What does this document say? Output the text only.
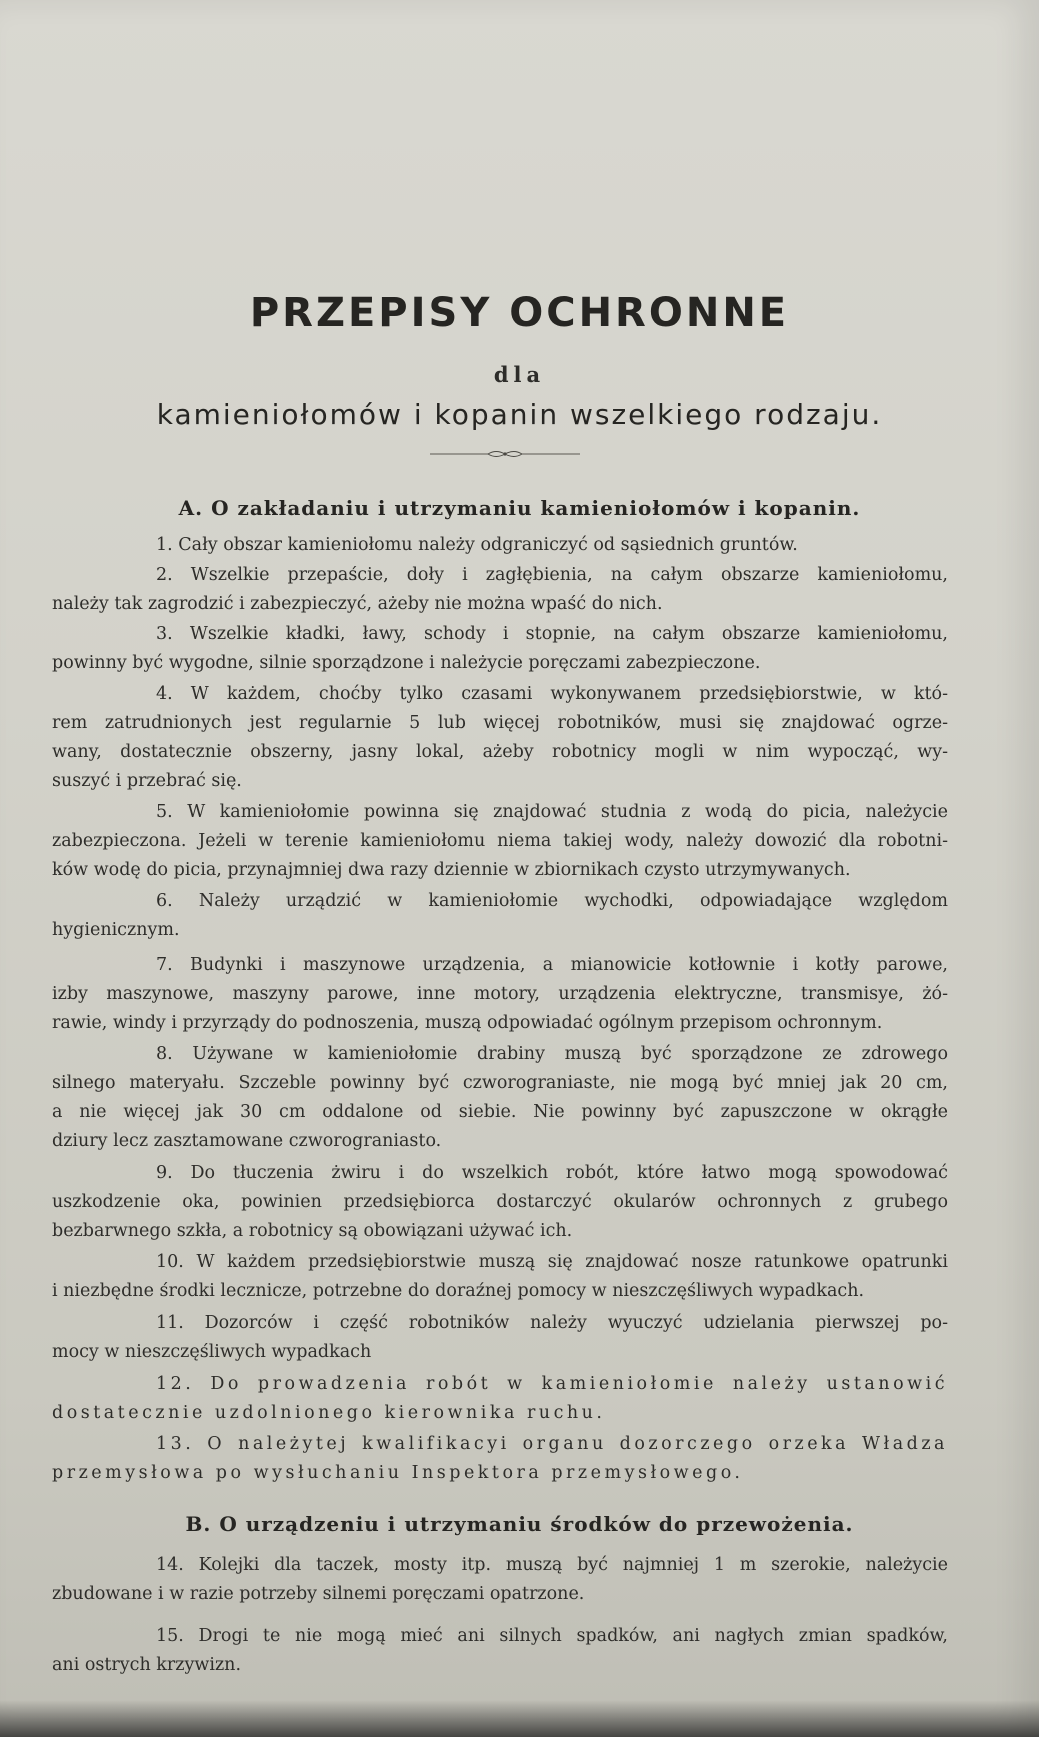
PRZEPISY OCHRONNE
dla
kamieniołomów i kopanin wszelkiego rodzaju.
A. O zakładaniu i utrzymaniu kamieniołomów i kopanin.
1. Cały obszar kamieniołomu należy odgraniczyć od sąsiednich gruntów.
2. Wszelkie przepaście, doły i zagłębienia, na całym obszarze kamieniołomu,
należy tak zagrodzić i zabezpieczyć, ażeby nie można wpaść do nich.
3. Wszelkie kładki, ławy, schody i stopnie, na całym obszarze kamieniołomu,
powinny być wygodne, silnie sporządzone i należycie poręczami zabezpieczone.
4. W każdem, choćby tylko czasami wykonywanem przedsiębiorstwie, w któ-
rem zatrudnionych jest regularnie 5 lub więcej robotników, musi się znajdować ogrze-
wany, dostatecznie obszerny, jasny lokal, ażeby robotnicy mogli w nim wypocząć, wy-
suszyć i przebrać się.
5. W kamieniołomie powinna się znajdować studnia z wodą do picia, należycie
zabezpieczona. Jeżeli w terenie kamieniołomu niema takiej wody, należy dowozić dla robotni-
ków wodę do picia, przynajmniej dwa razy dziennie w zbiornikach czysto utrzymywanych.
6. Należy urządzić w kamieniołomie wychodki, odpowiadające względom
hygienicznym.
7. Budynki i maszynowe urządzenia, a mianowicie kotłownie i kotły parowe,
izby maszynowe, maszyny parowe, inne motory, urządzenia elektryczne, transmisye, żó-
rawie, windy i przyrządy do podnoszenia, muszą odpowiadać ogólnym przepisom ochronnym.
8. Używane w kamieniołomie drabiny muszą być sporządzone ze zdrowego
silnego materyału. Szczeble powinny być czworograniaste, nie mogą być mniej jak 20 cm,
a nie więcej jak 30 cm oddalone od siebie. Nie powinny być zapuszczone w okrągłe
dziury lecz zasztamowane czworograniasto.
9. Do tłuczenia żwiru i do wszelkich robót, które łatwo mogą spowodować
uszkodzenie oka, powinien przedsiębiorca dostarczyć okularów ochronnych z grubego
bezbarwnego szkła, a robotnicy są obowiązani używać ich.
10. W każdem przedsiębiorstwie muszą się znajdować nosze ratunkowe opatrunki
i niezbędne środki lecznicze, potrzebne do doraźnej pomocy w nieszczęśliwych wypadkach.
11. Dozorców i część robotników należy wyuczyć udzielania pierwszej po-
mocy w nieszczęśliwych wypadkach
12. Do prowadzenia robót w kamieniołomie należy ustanowić
dostatecznie uzdolnionego kierownika ruchu.
13. O należytej kwalifikacyi organu dozorczego orzeka Władza
przemysłowa po wysłuchaniu Inspektora przemysłowego.
B. O urządzeniu i utrzymaniu środków do przewożenia.
14. Kolejki dla taczek, mosty itp. muszą być najmniej 1 m szerokie, należycie
zbudowane i w razie potrzeby silnemi poręczami opatrzone.
15. Drogi te nie mogą mieć ani silnych spadków, ani nagłych zmian spadków,
ani ostrych krzywizn.
